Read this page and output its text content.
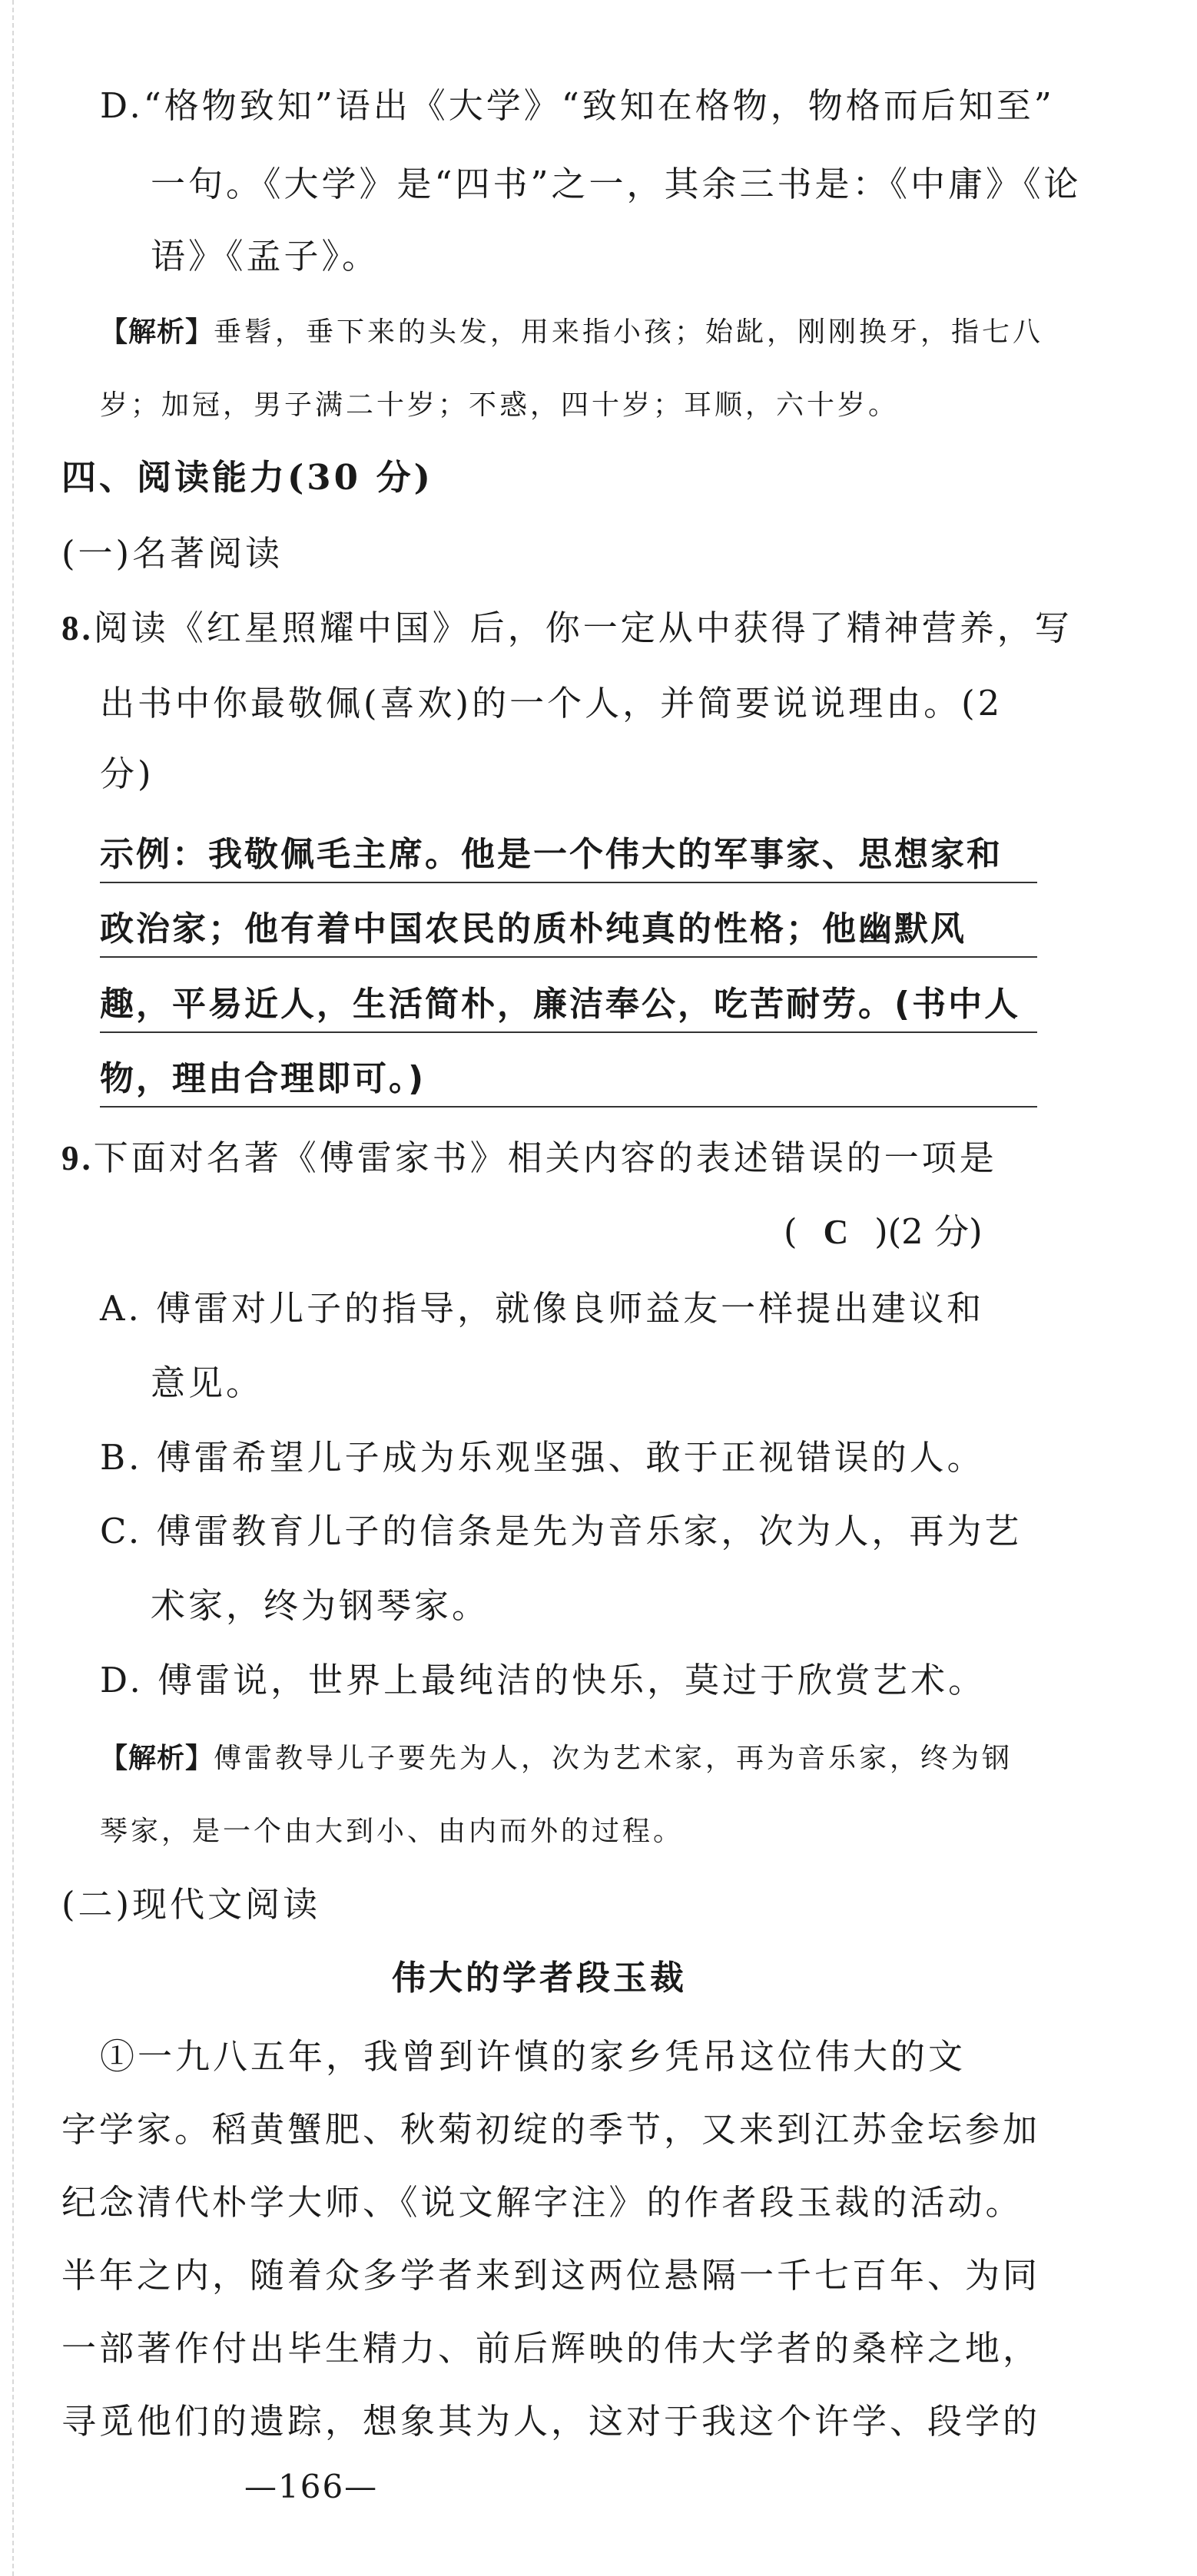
D.“格物致知”语出《大学》“致知在格物，物格而后知至”
一句。《大学》是“四书”之一，其余三书是：《中庸》《论
语》《孟子》。
【解析】垂髫，垂下来的头发，用来指小孩；始龀，刚刚换牙，指七八
岁；加冠，男子满二十岁；不惑，四十岁；耳顺，六十岁。
四、阅读能力(30 分)
(一)名著阅读
8.阅读《红星照耀中国》后，你一定从中获得了精神营养，写
出书中你最敬佩(喜欢)的一个人，并简要说说理由。(2
分)
示例：我敬佩毛主席。他是一个伟大的军事家、思想家和
政治家；他有着中国农民的质朴纯真的性格；他幽默风
趣，平易近人，生活简朴，廉洁奉公，吃苦耐劳。(书中人
物，理由合理即可。)
9.下面对名著《傅雷家书》相关内容的表述错误的一项是
( C )(2 分)
A. 傅雷对儿子的指导，就像良师益友一样提出建议和
意见。
B. 傅雷希望儿子成为乐观坚强、敢于正视错误的人。
C. 傅雷教育儿子的信条是先为音乐家，次为人，再为艺
术家，终为钢琴家。
D. 傅雷说，世界上最纯洁的快乐，莫过于欣赏艺术。
【解析】傅雷教导儿子要先为人，次为艺术家，再为音乐家，终为钢
琴家，是一个由大到小、由内而外的过程。
(二)现代文阅读
伟大的学者段玉裁
①一九八五年，我曾到许慎的家乡凭吊这位伟大的文
字学家。稻黄蟹肥、秋菊初绽的季节，又来到江苏金坛参加
纪念清代朴学大师、《说文解字注》的作者段玉裁的活动。
半年之内，随着众多学者来到这两位悬隔一千七百年、为同
一部著作付出毕生精力、前后辉映的伟大学者的桑梓之地，
寻觅他们的遗踪，想象其为人，这对于我这个许学、段学的
—166—
